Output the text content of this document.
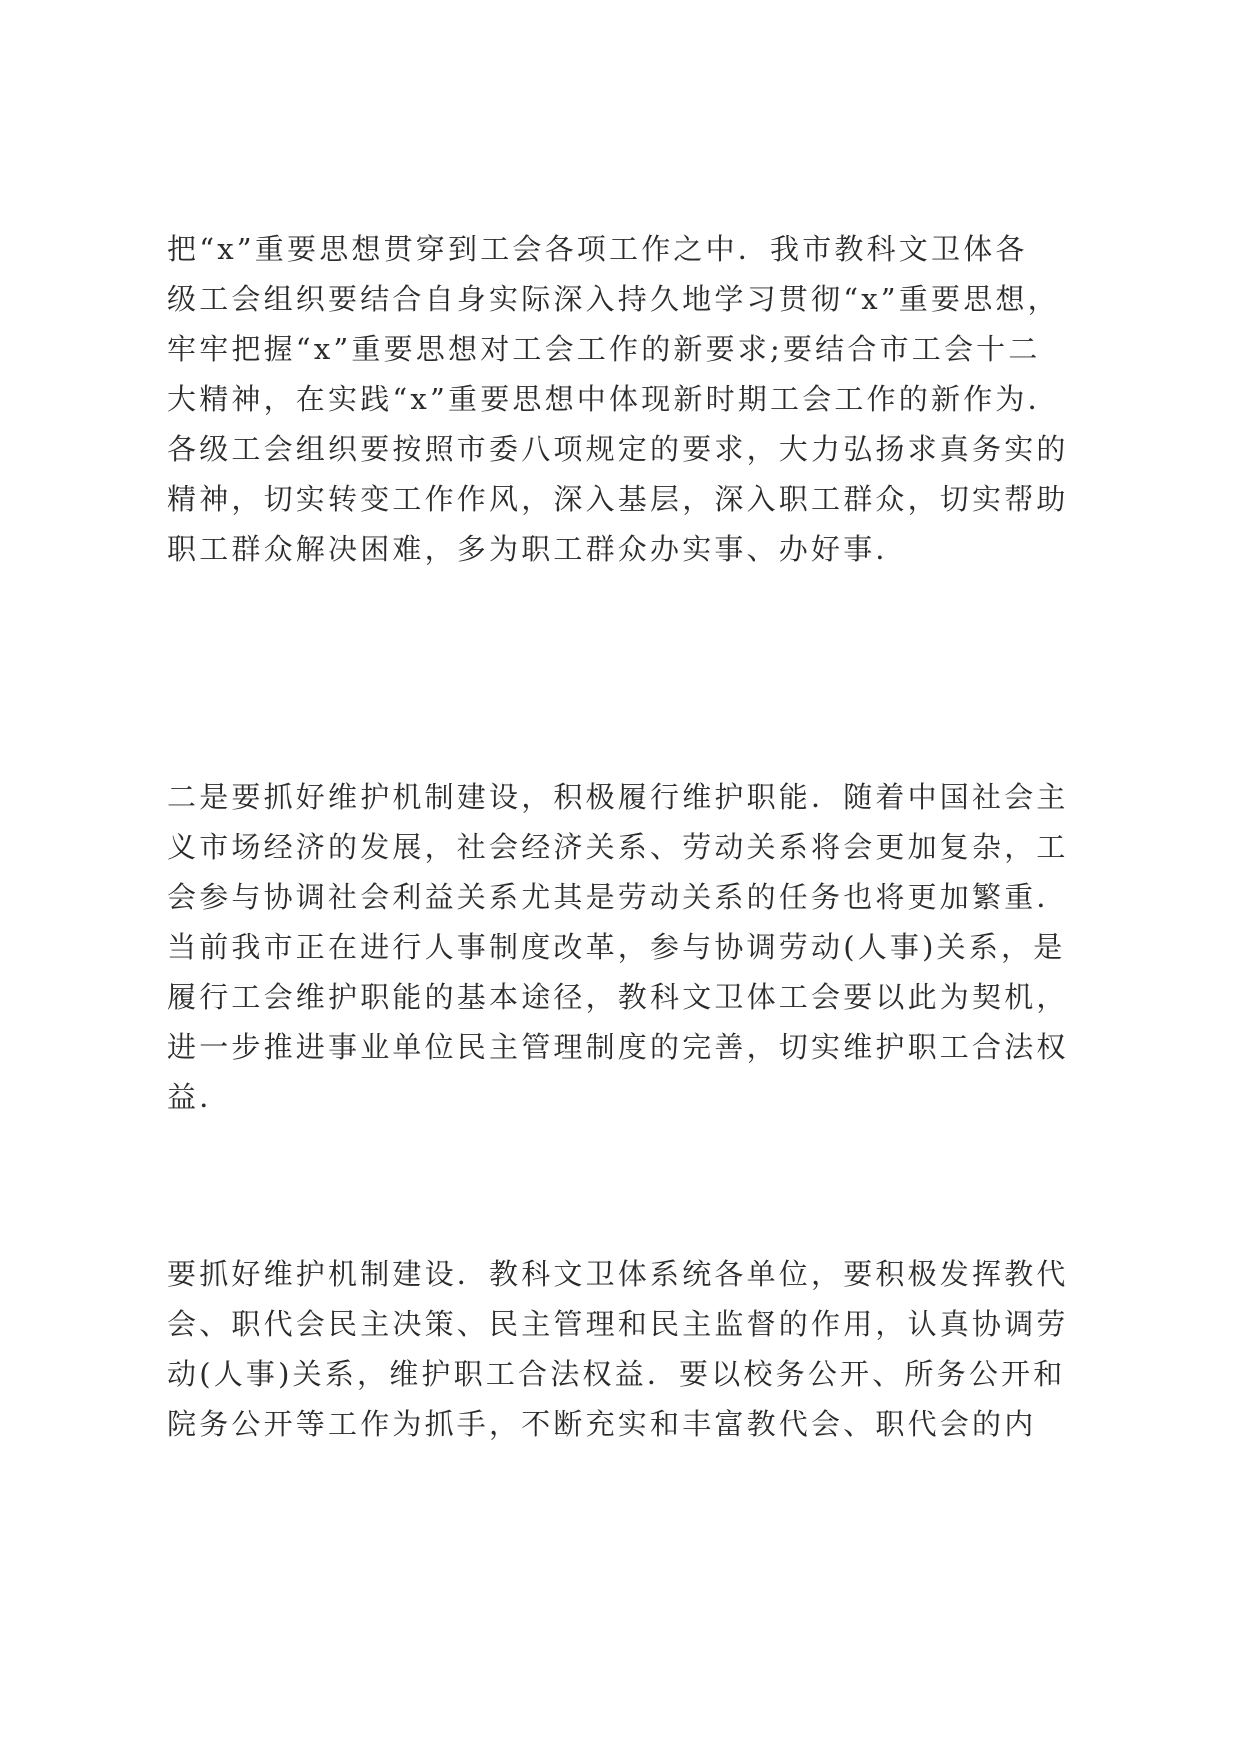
把“x”重要思想贯穿到工会各项工作之中．我市教科文卫体各
级工会组织要结合自身实际深入持久地学习贯彻“x”重要思想，
牢牢把握“x”重要思想对工会工作的新要求;要结合市工会十二
大精神，在实践“x”重要思想中体现新时期工会工作的新作为．
各级工会组织要按照市委八项规定的要求，大力弘扬求真务实的
精神，切实转变工作作风，深入基层，深入职工群众，切实帮助
职工群众解决困难，多为职工群众办实事、办好事．
二是要抓好维护机制建设，积极履行维护职能．随着中国社会主
义市场经济的发展，社会经济关系、劳动关系将会更加复杂，工
会参与协调社会利益关系尤其是劳动关系的任务也将更加繁重．
当前我市正在进行人事制度改革，参与协调劳动(人事)关系，是
履行工会维护职能的基本途径，教科文卫体工会要以此为契机，
进一步推进事业单位民主管理制度的完善，切实维护职工合法权
益．
要抓好维护机制建设．教科文卫体系统各单位，要积极发挥教代
会、职代会民主决策、民主管理和民主监督的作用，认真协调劳
动(人事)关系，维护职工合法权益．要以校务公开、所务公开和
院务公开等工作为抓手，不断充实和丰富教代会、职代会的内
